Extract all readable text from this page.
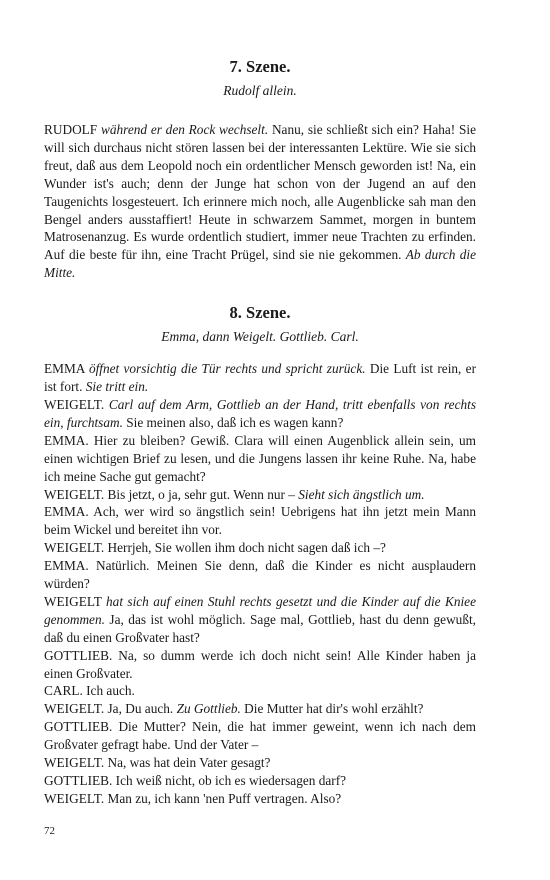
7. Szene.

Rudolf allein.

RUDOLF während er den Rock wechselt. Nanu, sie schließt sich ein? Haha! Sie will sich durchaus nicht stören lassen bei der interessanten Lektüre. Wie sie sich freut, daß aus dem Leopold noch ein ordentlicher Mensch geworden ist! Na, ein Wunder ist's auch; denn der Junge hat schon von der Jugend an auf den Taugenichts losgesteuert. Ich erinnere mich noch, alle Augenblicke sah man den Bengel anders ausstaffiert! Heute in schwarzem Sammet, morgen in buntem Matrosenanzug. Es wurde ordentlich studiert, immer neue Trachten zu erfinden. Auf die beste für ihn, eine Tracht Prügel, sind sie nie gekommen. Ab durch die Mitte.

8. Szene.

Emma, dann Weigelt. Gottlieb. Carl.

EMMA öffnet vorsichtig die Tür rechts und spricht zurück. Die Luft ist rein, er ist fort. Sie tritt ein.

WEIGELT. Carl auf dem Arm, Gottlieb an der Hand, tritt ebenfalls von rechts ein, furchtsam. Sie meinen also, daß ich es wagen kann?

EMMA. Hier zu bleiben? Gewiß. Clara will einen Augenblick allein sein, um einen wichtigen Brief zu lesen, und die Jungens lassen ihr keine Ruhe. Na, habe ich meine Sache gut gemacht?

WEIGELT. Bis jetzt, o ja, sehr gut. Wenn nur – Sieht sich ängstlich um.

EMMA. Ach, wer wird so ängstlich sein! Uebrigens hat ihn jetzt mein Mann beim Wickel und bereitet ihn vor.

WEIGELT. Herrjeh, Sie wollen ihm doch nicht sagen daß ich –?

EMMA. Natürlich. Meinen Sie denn, daß die Kinder es nicht ausplaudern würden?

WEIGELT hat sich auf einen Stuhl rechts gesetzt und die Kinder auf die Kniee genommen. Ja, das ist wohl möglich. Sage mal, Gottlieb, hast du denn gewußt, daß du einen Großvater hast?

GOTTLIEB. Na, so dumm werde ich doch nicht sein! Alle Kinder haben ja einen Großvater.

CARL. Ich auch.

WEIGELT. Ja, Du auch. Zu Gottlieb. Die Mutter hat dir's wohl erzählt?

GOTTLIEB. Die Mutter? Nein, die hat immer geweint, wenn ich nach dem Großvater gefragt habe. Und der Vater –

WEIGELT. Na, was hat dein Vater gesagt?

GOTTLIEB. Ich weiß nicht, ob ich es wiedersagen darf?

WEIGELT. Man zu, ich kann 'nen Puff vertragen. Also?

72
